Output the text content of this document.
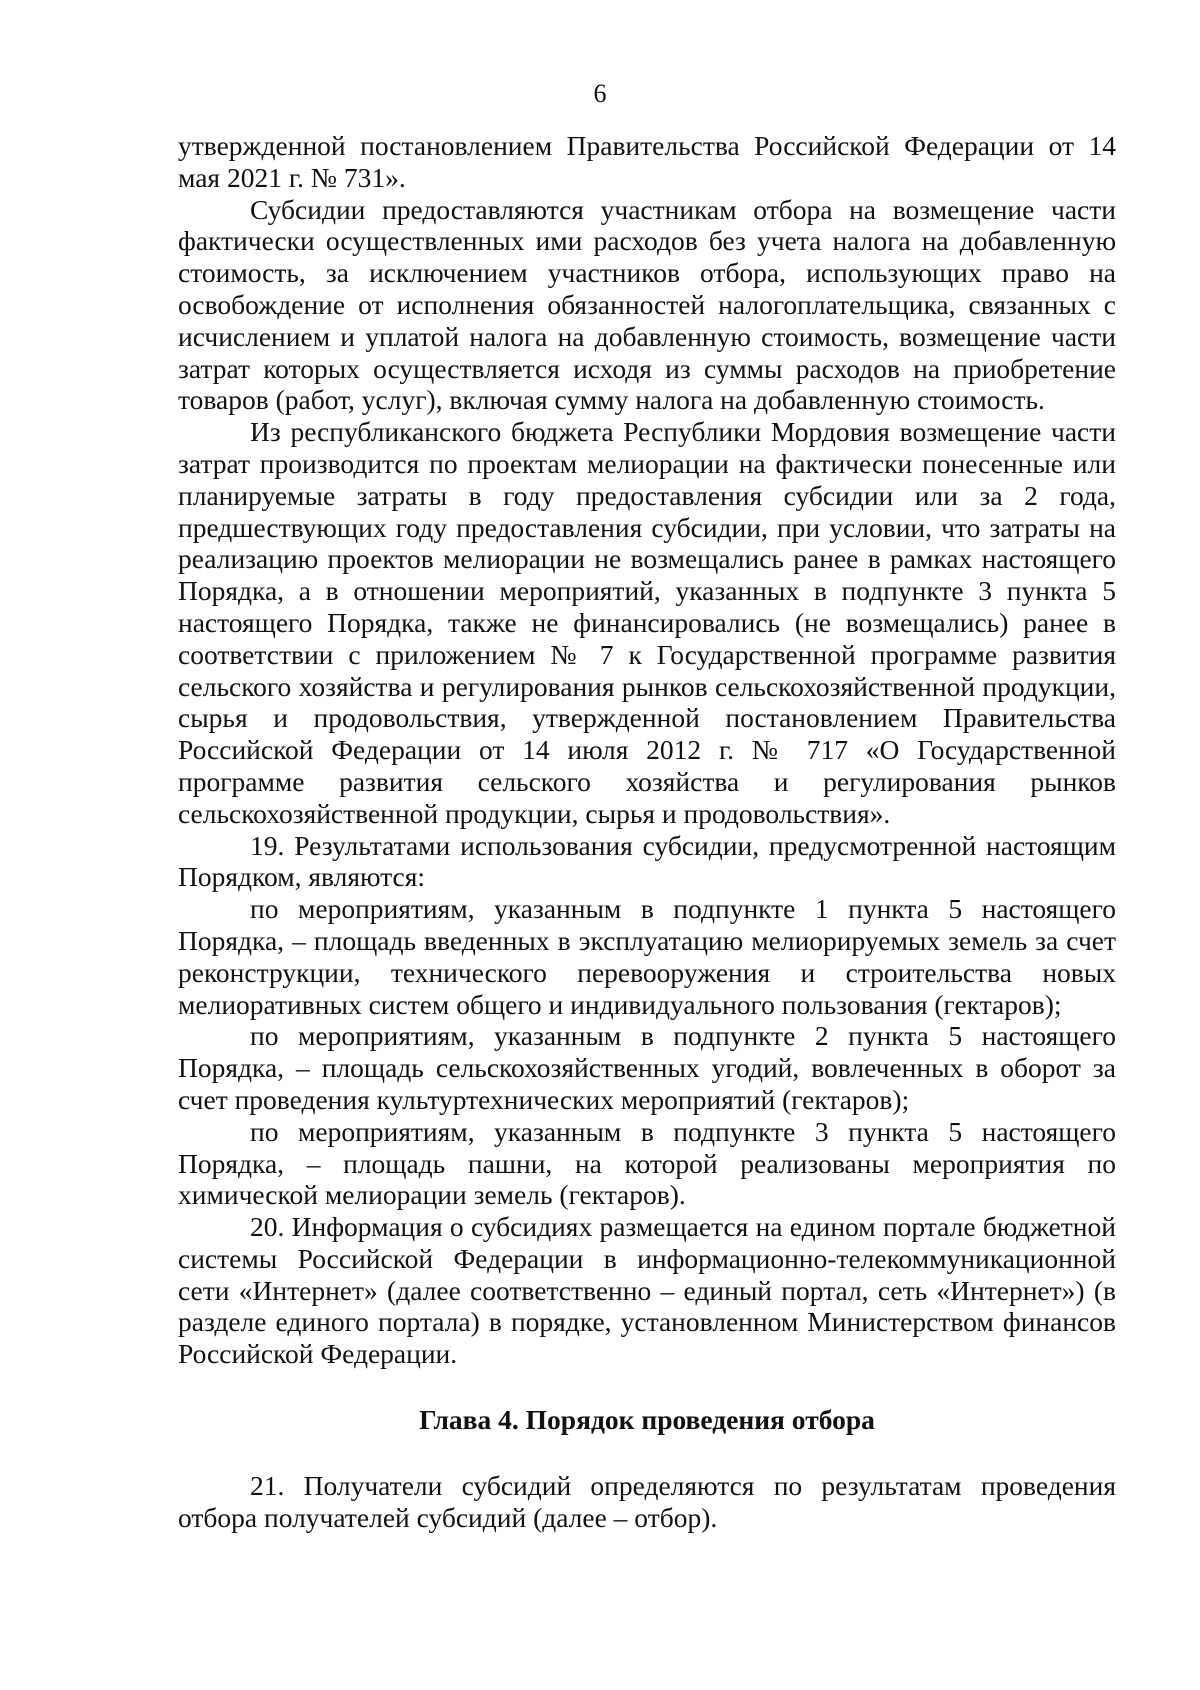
6

утвержденной постановлением Правительства Российской Федерации от 14 мая 2021 г. № 731».

Субсидии предоставляются участникам отбора на возмещение части фактически осуществленных ими расходов без учета налога на добавленную стоимость, за исключением участников отбора, использующих право на освобождение от исполнения обязанностей налогоплательщика, связанных с исчислением и уплатой налога на добавленную стоимость, возмещение части затрат которых осуществляется исходя из суммы расходов на приобретение товаров (работ, услуг), включая сумму налога на добавленную стоимость.

Из республиканского бюджета Республики Мордовия возмещение части затрат производится по проектам мелиорации на фактически понесенные или планируемые затраты в году предоставления субсидии или за 2 года, предшествующих году предоставления субсидии, при условии, что затраты на реализацию проектов мелиорации не возмещались ранее в рамках настоящего Порядка, а в отношении мероприятий, указанных в подпункте 3 пункта 5 настоящего Порядка, также не финансировались (не возмещались) ранее в соответствии с приложением № 7 к Государственной программе развития сельского хозяйства и регулирования рынков сельскохозяйственной продукции, сырья и продовольствия, утвержденной постановлением Правительства Российской Федерации от 14 июля 2012 г. № 717 «О Государственной программе развития сельского хозяйства и регулирования рынков сельскохозяйственной продукции, сырья и продовольствия».

19. Результатами использования субсидии, предусмотренной настоящим Порядком, являются:

по мероприятиям, указанным в подпункте 1 пункта 5 настоящего Порядка, – площадь введенных в эксплуатацию мелиорируемых земель за счет реконструкции, технического перевооружения и строительства новых мелиоративных систем общего и индивидуального пользования (гектаров);

по мероприятиям, указанным в подпункте 2 пункта 5 настоящего Порядка, – площадь сельскохозяйственных угодий, вовлеченных в оборот за счет проведения культуртехнических мероприятий (гектаров);

по мероприятиям, указанным в подпункте 3 пункта 5 настоящего Порядка, – площадь пашни, на которой реализованы мероприятия по химической мелиорации земель (гектаров).

20. Информация о субсидиях размещается на едином портале бюджетной системы Российской Федерации в информационно-телекоммуникационной сети «Интернет» (далее соответственно – единый портал, сеть «Интернет») (в разделе единого портала) в порядке, установленном Министерством финансов Российской Федерации.

Глава 4. Порядок проведения отбора

21. Получатели субсидий определяются по результатам проведения отбора получателей субсидий (далее – отбор).
